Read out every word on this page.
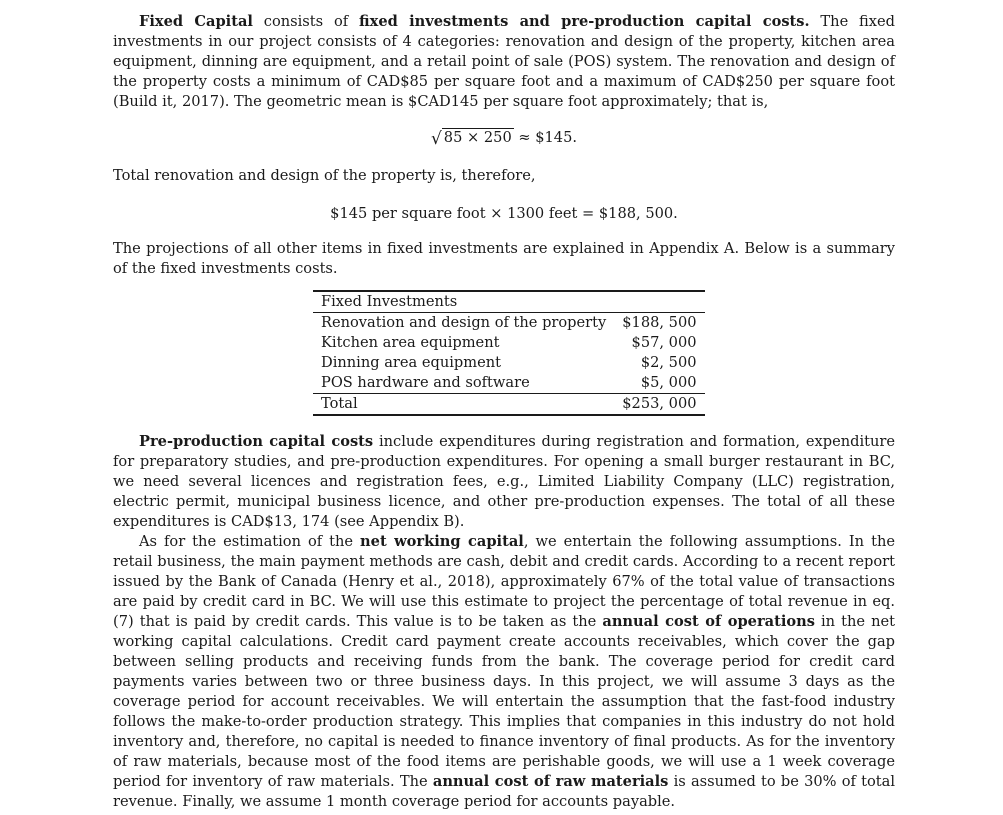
Fixed Capital consists of fixed investments and pre-production capital costs. The fixed investments in our project consists of 4 categories: renovation and design of the property, kitchen area equipment, dinning are equipment, and a retail point of sale (POS) system. The renovation and design of the property costs a minimum of CAD$85 per square foot and a maximum of CAD$250 per square foot (Build it, 2017). The geometric mean is $CAD145 per square foot approximately; that is,

√ 85 × 250 ≈ $145.

Total renovation and design of the property is, therefore,

$145 per square foot × 1300 feet = $188, 500.

The projections of all other items in fixed investments are explained in Appendix A. Below is a summary of the fixed investments costs.

Fixed Investments	
Renovation and design of the property	$188, 500
Kitchen area equipment	$57, 000
Dinning area equipment	$2, 500
POS hardware and software	$5, 000
Total	$253, 000

Pre-production capital costs include expenditures during registration and formation, expenditure for preparatory studies, and pre-production expenditures. For opening a small burger restaurant in BC, we need several licences and registration fees, e.g., Limited Liability Company (LLC) registration, electric permit, municipal business licence, and other pre-production expenses. The total of all these expenditures is CAD$13, 174 (see Appendix B).

As for the estimation of the net working capital, we entertain the following assumptions. In the retail business, the main payment methods are cash, debit and credit cards. According to a recent report issued by the Bank of Canada (Henry et al., 2018), approximately 67% of the total value of transactions are paid by credit card in BC. We will use this estimate to project the percentage of total revenue in eq. (7) that is paid by credit cards. This value is to be taken as the annual cost of operations in the net working capital calculations. Credit card payment create accounts receivables, which cover the gap between selling products and receiving funds from the bank. The coverage period for credit card payments varies between two or three business days. In this project, we will assume 3 days as the coverage period for account receivables. We will entertain the assumption that the fast-food industry follows the make-to-order production strategy. This implies that companies in this industry do not hold inventory and, therefore, no capital is needed to finance inventory of final products. As for the inventory of raw materials, because most of the food items are perishable goods, we will use a 1 week coverage period for inventory of raw materials. The annual cost of raw materials is assumed to be 30% of total revenue. Finally, we assume 1 month coverage period for accounts payable.
